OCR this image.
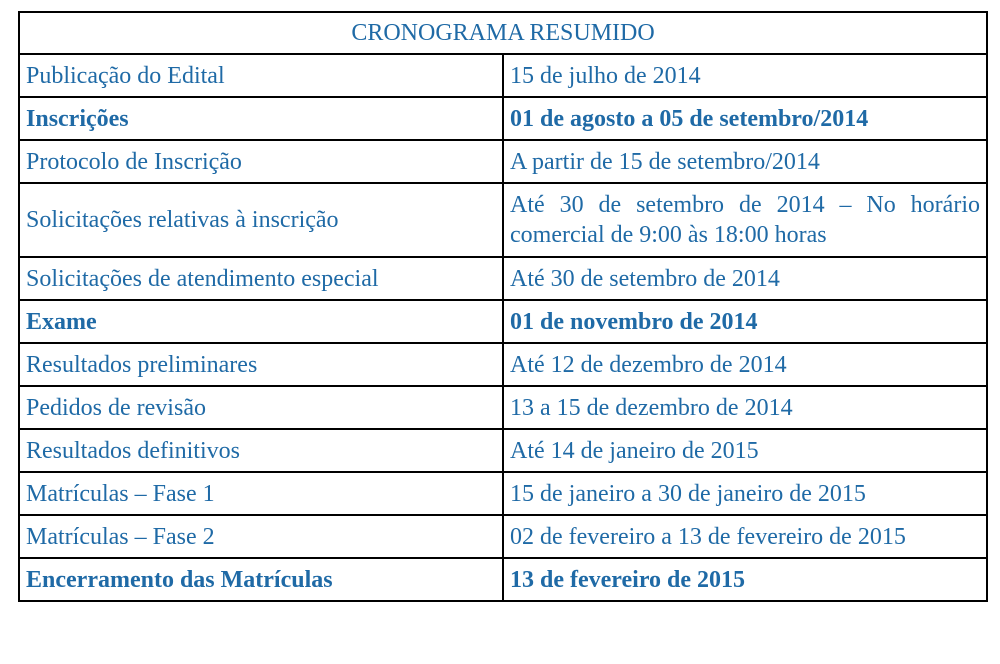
CRONOGRAMA RESUMIDO	
Publicação do Edital	15 de julho de 2014
Inscrições	01 de agosto a 05 de setembro/2014
Protocolo de Inscrição	A partir de 15 de setembro/2014
Solicitações relativas à inscrição	Até 30 de setembro de 2014 – No horário comercial de 9:00 às 18:00 horas
Solicitações de atendimento especial	Até 30 de setembro de 2014
Exame	01 de novembro de 2014
Resultados preliminares	Até 12 de dezembro de 2014
Pedidos de revisão	13 a 15 de dezembro de 2014
Resultados definitivos	Até 14 de janeiro de 2015
Matrículas – Fase 1	15 de janeiro a 30 de janeiro de 2015
Matrículas – Fase 2	02 de fevereiro a 13 de fevereiro de 2015
Encerramento das Matrículas	13 de fevereiro de 2015
